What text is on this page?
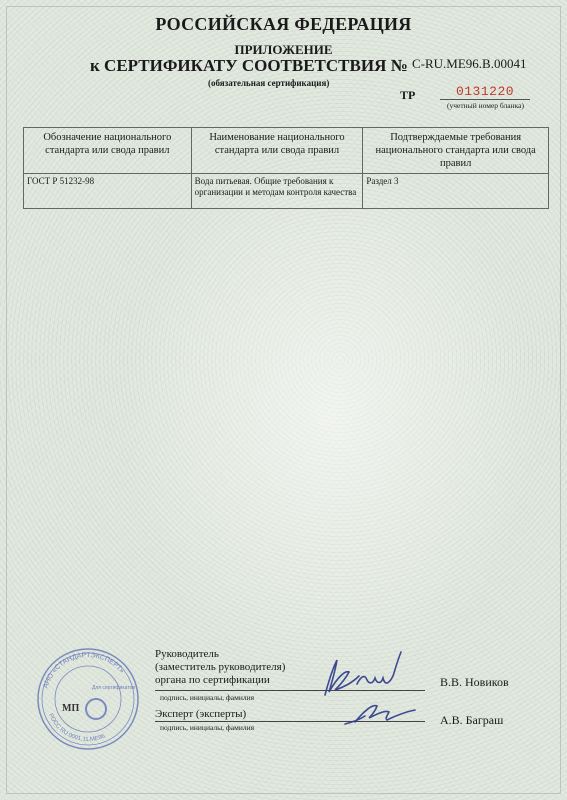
РОССИЙСКАЯ ФЕДЕРАЦИЯ
ПРИЛОЖЕНИЕ
к СЕРТИФИКАТУ СООТВЕТСТВИЯ № C-RU.ME96.B.00041
(обязательная сертификация)
ТР	0131220
(учетный номер бланка)
Обозначение национального стандарта или свода правил	Наименование национального стандарта или свода правил	Подтверждаемые требования национального стандарта или свода правил
ГОСТ Р 51232-98	Вода питьевая. Общие требования к организации и методам контроля качества	Раздел 3
АНО «СТАНДАРТЭКСПЕРТ»
РОСС RU.0001.11.МЕ96
Для сертификатов
МП
Руководитель
(заместитель руководителя)
органа по сертификации
подпись, инициалы, фамилия
В.В. Новиков
Эксперт (эксперты)
подпись, инициалы, фамилия
А.В. Баграш
